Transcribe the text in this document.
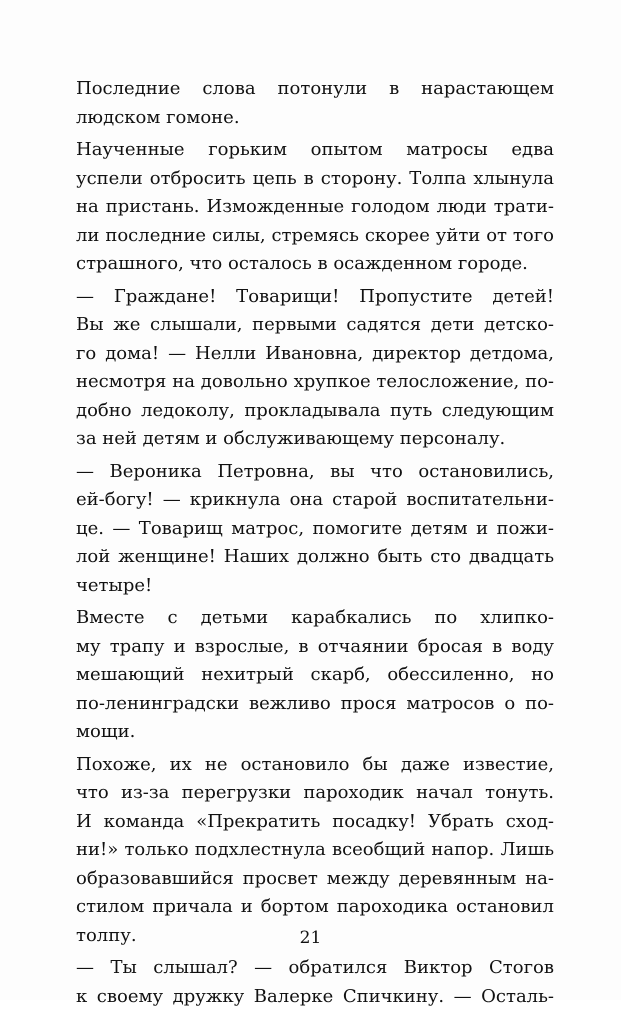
Последние слова потонули в нарастающем
людском гомоне.
Наученные горьким опытом матросы едва
успели отбросить цепь в сторону. Толпа хлынула
на пристань. Изможденные голодом люди трати-
ли последние силы, стремясь скорее уйти от того
страшного, что осталось в осажденном городе.
— Граждане! Товарищи! Пропустите детей!
Вы же слышали, первыми садятся дети детско-
го дома! — Нелли Ивановна, директор детдома,
несмотря на довольно хрупкое телосложение, по-
добно ледоколу, прокладывала путь следующим
за ней детям и обслуживающему персоналу.
— Вероника Петровна, вы что остановились,
ей-богу! — крикнула она старой воспитательни-
це. — Товарищ матрос, помогите детям и пожи-
лой женщине! Наших должно быть сто двадцать
четыре!
Вместе с детьми карабкались по хлипко-
му трапу и взрослые, в отчаянии бросая в воду
мешающий нехитрый скарб, обессиленно, но
по-ленинградски вежливо прося матросов о по-
мощи.
Похоже, их не остановило бы даже известие,
что из-за перегрузки пароходик начал тонуть.
И команда «Прекратить посадку! Убрать сход-
ни!» только подхлестнула всеобщий напор. Лишь
образовавшийся просвет между деревянным на-
стилом причала и бортом пароходика остановил
толпу.
— Ты слышал? — обратился Виктор Стогов
к своему дружку Валерке Спичкину. — Осталь-
21
